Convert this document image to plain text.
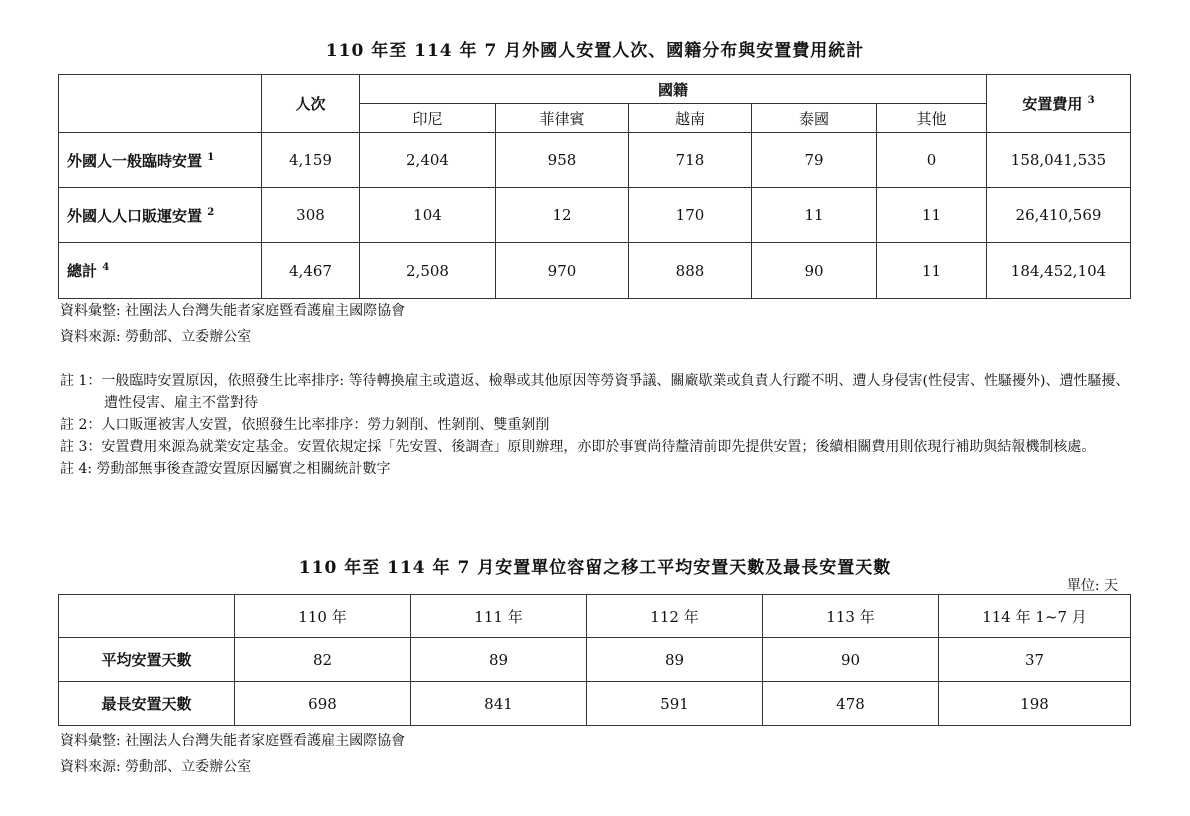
110 年至 114 年 7 月外國人安置人次、國籍分布與安置費用統計
	人次	國籍					安置費用 $^3$
		印尼	菲律賓	越南	泰國	其他	
外國人一般臨時安置 $^1$	4,159	2,404	958	718	79	0	158,041,535
外國人人口販運安置 $^2$	308	104	12	170	11	11	26,410,569
總計 $^4$	4,467	2,508	970	888	90	11	184,452,104
資料彙整: 社團法人台灣失能者家庭暨看護雇主國際協會
資料來源: 勞動部、立委辦公室
註 1：一般臨時安置原因，依照發生比率排序: 等待轉換雇主或遣返、檢舉或其他原因等勞資爭議、關廠歇業或負責人行蹤不明、遭人身侵害(性侵害、性騷擾外)、遭性騷擾、遭性侵害、雇主不當對待
註 2：人口販運被害人安置，依照發生比率排序：勞力剝削、性剝削、雙重剝削
註 3：安置費用來源為就業安定基金。安置依規定採「先安置、後調查」原則辦理，亦即於事實尚待釐清前即先提供安置；後續相關費用則依現行補助與結報機制核處。
註 4: 勞動部無事後查證安置原因屬實之相關統計數字
110 年至 114 年 7 月安置單位容留之移工平均安置天數及最長安置天數
單位: 天
	110 年	111 年	112 年	113 年	114 年 1~7 月
平均安置天數	82	89	89	90	37
最長安置天數	698	841	591	478	198
資料彙整: 社團法人台灣失能者家庭暨看護雇主國際協會
資料來源: 勞動部、立委辦公室
